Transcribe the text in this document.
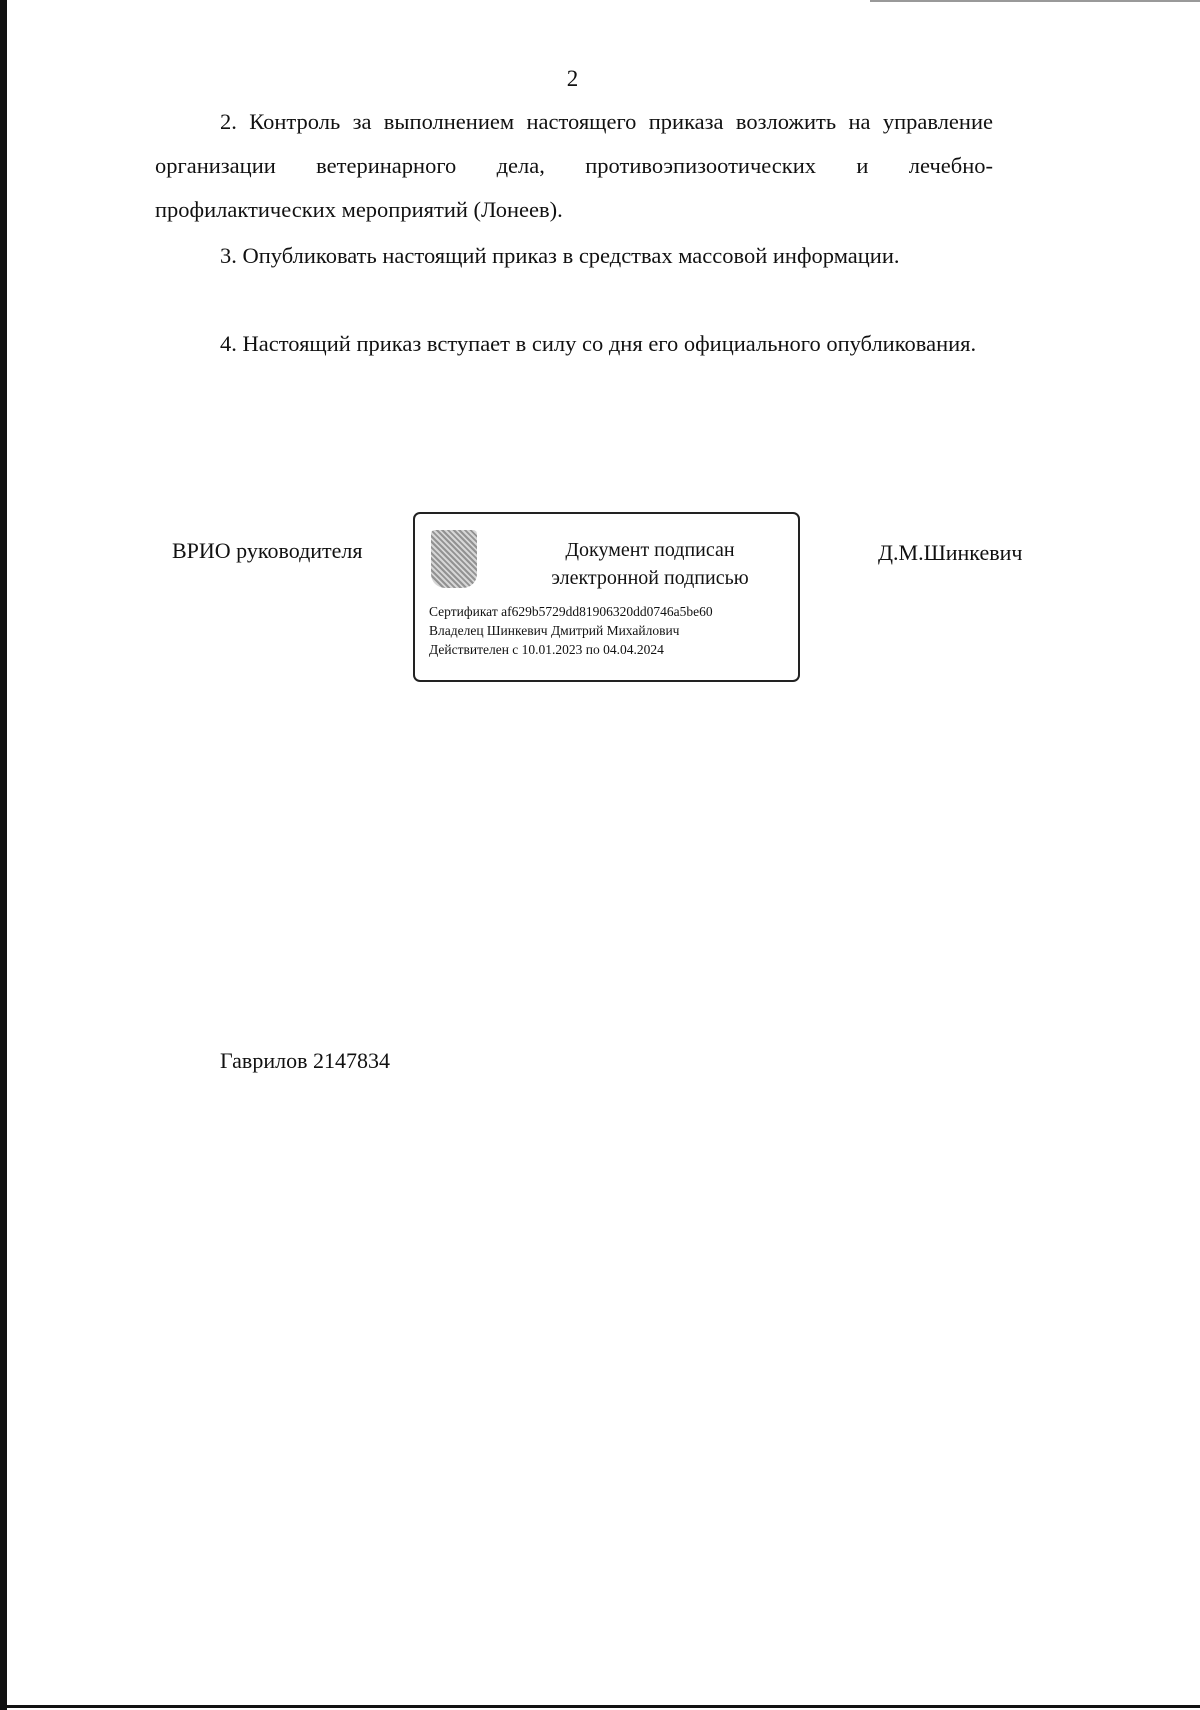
2
2. Контроль за выполнением настоящего приказа возложить на управление организации ветеринарного дела, противоэпизоотических и лечебно-профилактических мероприятий (Лонеев).
3. Опубликовать настоящий приказ в средствах массовой информации.
4. Настоящий приказ вступает в силу со дня его официального опубликования.
ВРИО руководителя	Документ подписан
электронной подписью
Сертификат af629b5729dd81906320dd0746a5be60
Владелец Шинкевич Дмитрий Михайлович
Действителен с 10.01.2023 по 04.04.2024
Д.М.Шинкевич
Гаврилов 2147834
